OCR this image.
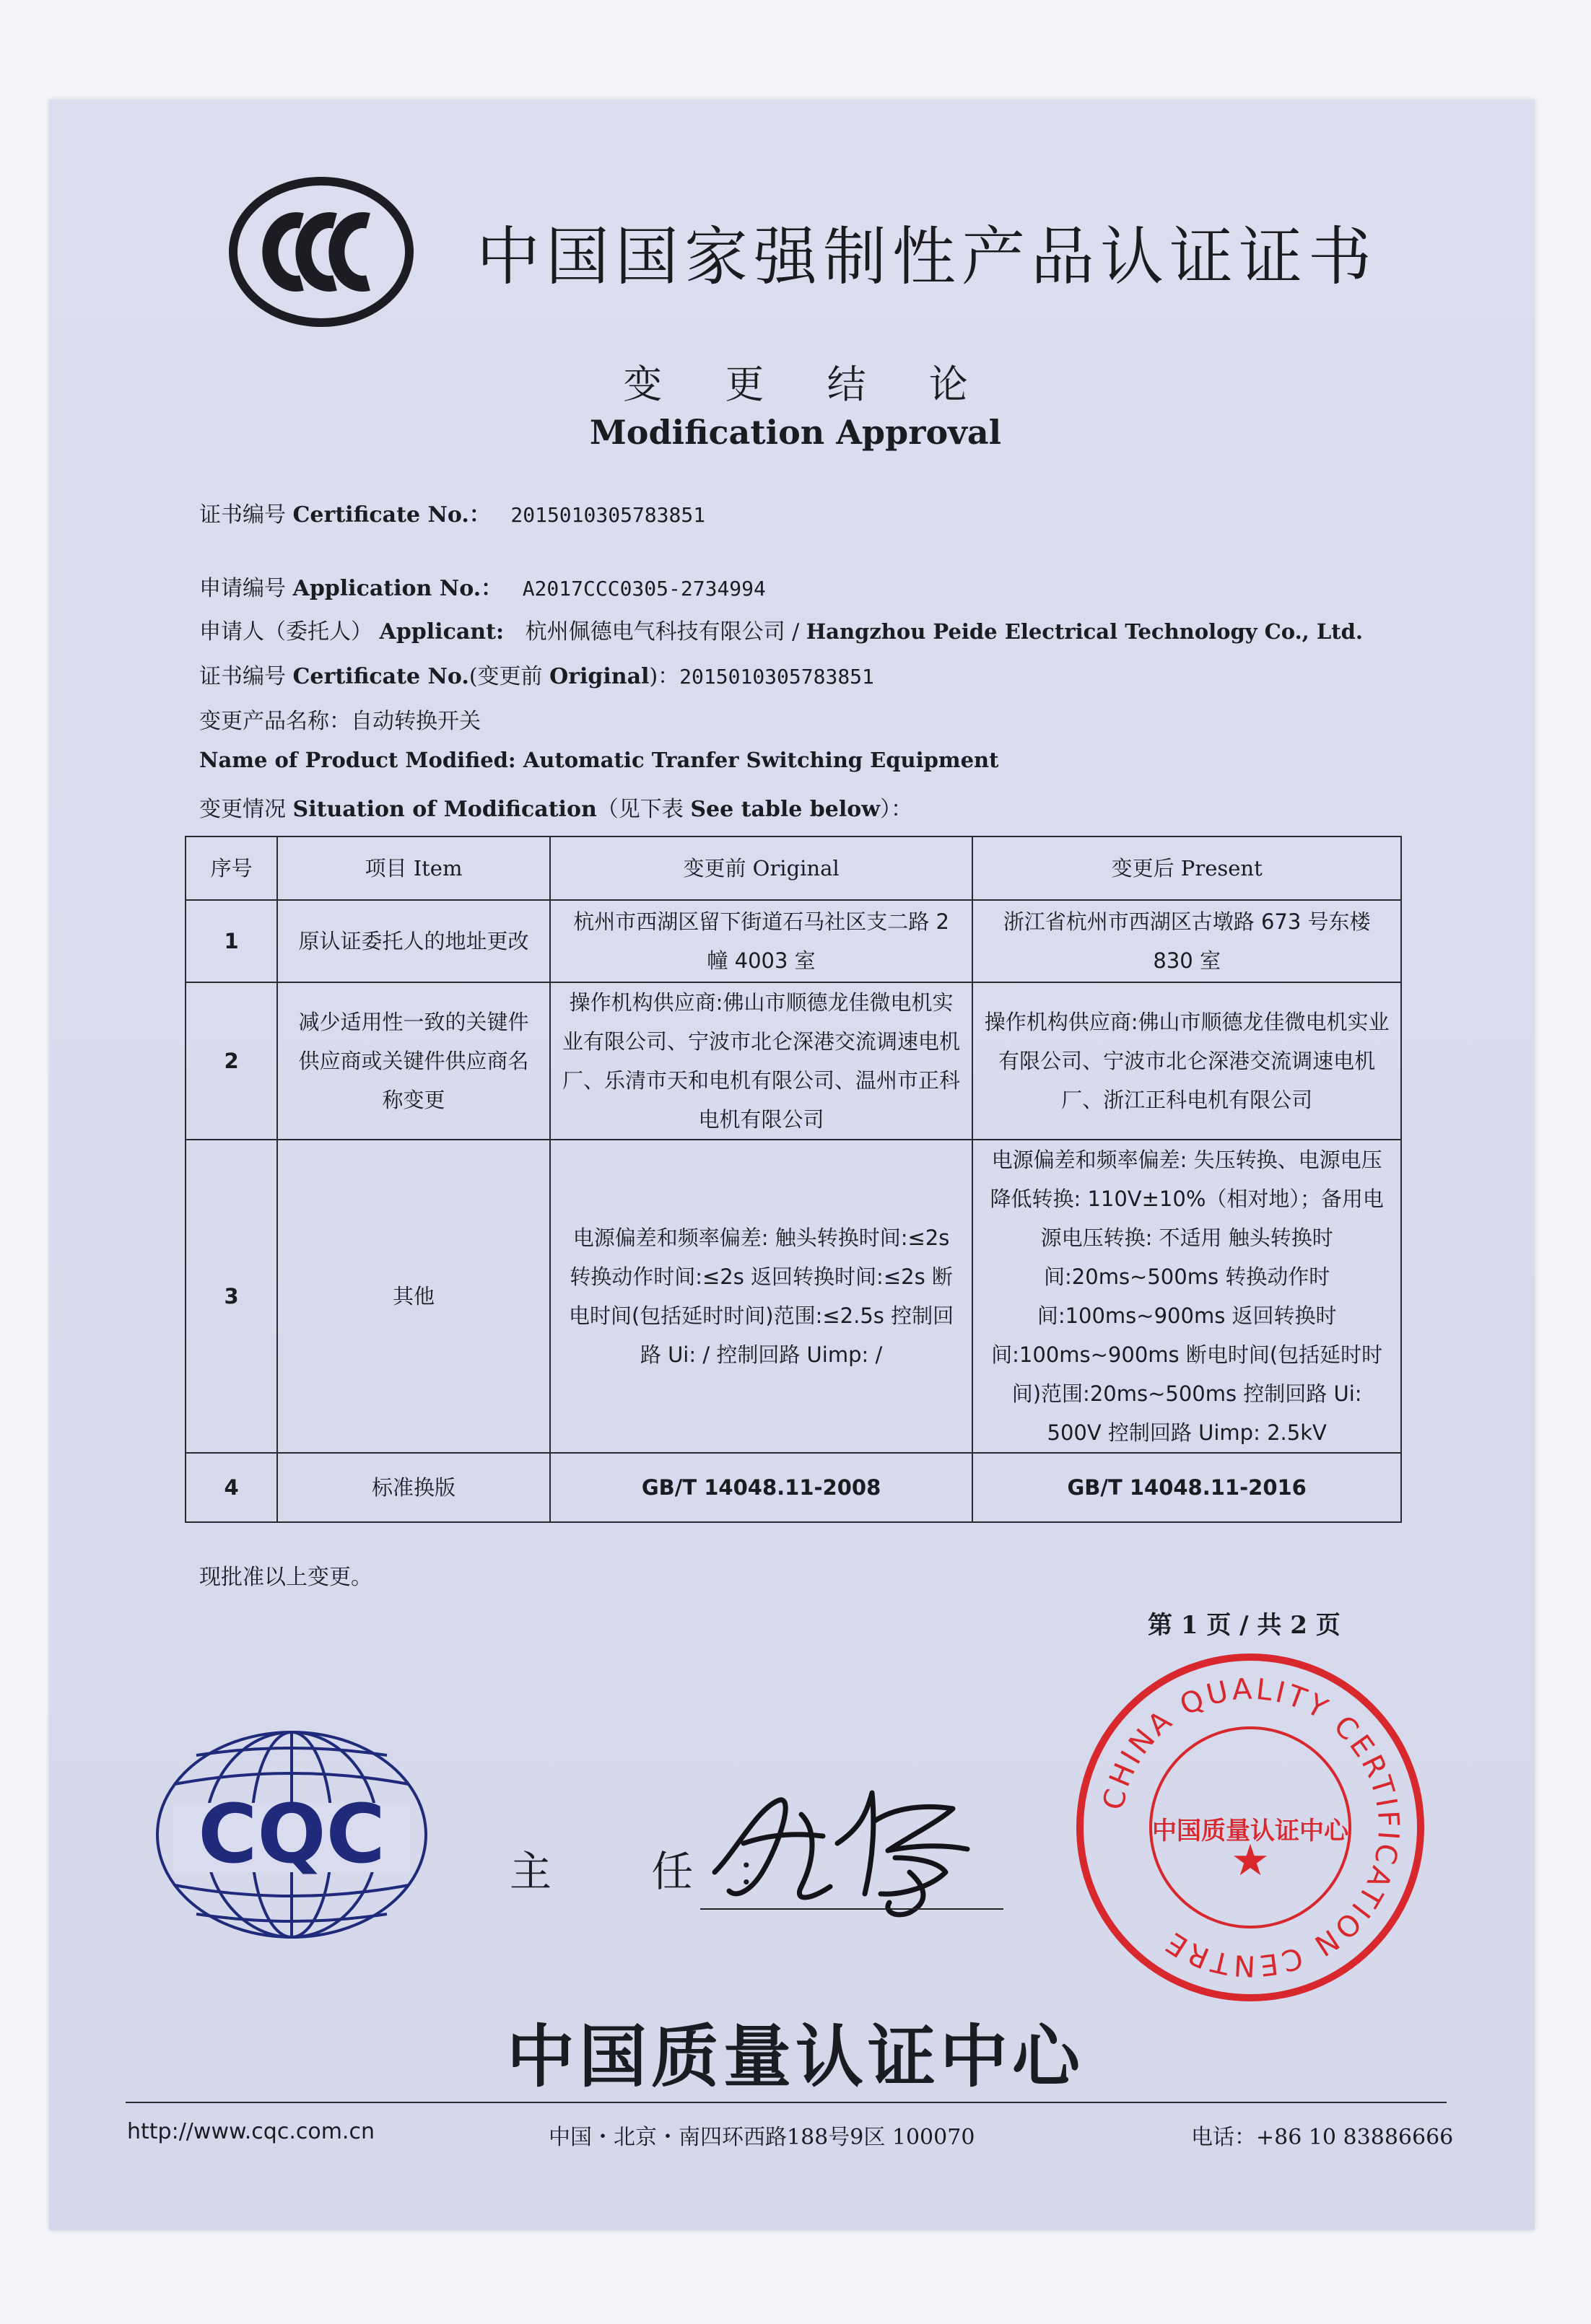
中国国家强制性产品认证证书
变 更 结 论
Modification Approval
证书编号 Certificate No.： 2015010305783851
申请编号 Application No.： A2017CCC0305-2734994
申请人（委托人） Applicant: 杭州佩德电气科技有限公司 / Hangzhou Peide Electrical Technology Co., Ltd.
证书编号 Certificate No.(变更前 Original)：2015010305783851
变更产品名称：自动转换开关
Name of Product Modified: Automatic Tranfer Switching Equipment
变更情况 Situation of Modification（见下表 See table below）：
序号	项目 Item	变更前 Original	变更后 Present
1	原认证委托人的地址更改	杭州市西湖区留下街道石马社区支二路 2 幢 4003 室	浙江省杭州市西湖区古墩路 673 号东楼 830 室
2	减少适用性一致的关键件供应商或关键件供应商名称变更	操作机构供应商:佛山市顺德龙佳微电机实业有限公司、宁波市北仑深港交流调速电机厂、乐清市天和电机有限公司、温州市正科电机有限公司	操作机构供应商:佛山市顺德龙佳微电机实业有限公司、宁波市北仑深港交流调速电机厂、浙江正科电机有限公司
3	其他	电源偏差和频率偏差: 触头转换时间:≤2s 转换动作时间:≤2s 返回转换时间:≤2s 断电时间(包括延时时间)范围:≤2.5s 控制回路 Ui: / 控制回路 Uimp: /	电源偏差和频率偏差: 失压转换、电源电压降低转换: 110V±10%（相对地）；备用电源电压转换: 不适用 触头转换时间:20ms~500ms 转换动作时间:100ms~900ms 返回转换时间:100ms~900ms 断电时间(包括延时时间)范围:20ms~500ms 控制回路 Ui: 500V 控制回路 Uimp: 2.5kV
4	标准换版	GB/T 14048.11-2008	GB/T 14048.11-2016
现批准以上变更。
第 1 页 / 共 2 页
CQC	主 任：
CHINA QUALITY CERTIFICATION CENTRE
中国质量认证中心
★
中国质量认证中心
http://www.cqc.com.cn	中国・北京・南四环西路188号9区 100070	电话：+86 10 83886666
